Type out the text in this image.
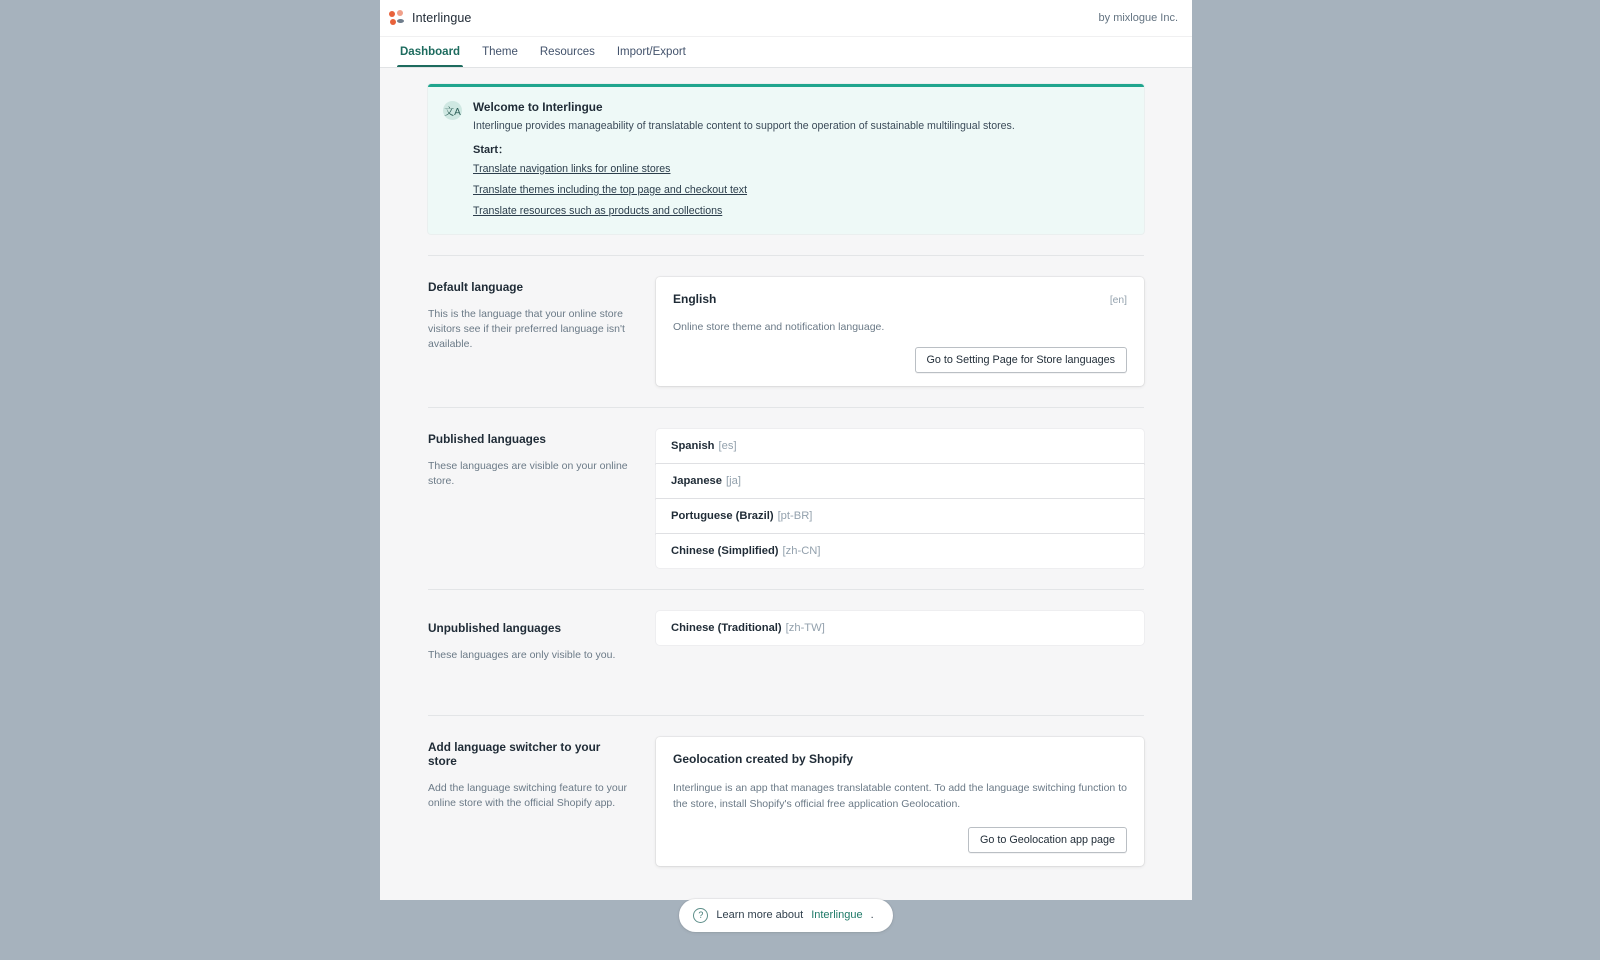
Interlingue	by mixlogue Inc.
Dashboard	Theme	Resources	Import/Export
文A Welcome to Interlingue
Interlingue provides manageability of translatable content to support the operation of sustainable multilingual stores.
Start：
Translate navigation links for online stores
Translate themes including the top page and checkout text
Translate resources such as products and collections
Default language
This is the language that your online store visitors see if their preferred language isn't available.
English	[en]
Online store theme and notification language.
Go to Setting Page for Store languages
Published languages
These languages are visible on your online store.
Spanish [es]
Japanese [ja]
Portuguese (Brazil) [pt-BR]
Chinese (Simplified) [zh-CN]
Unpublished languages
These languages are only visible to you.
Chinese (Traditional) [zh-TW]
Add language switcher to your store
Add the language switching feature to your online store with the official Shopify app.
Geolocation created by Shopify
Interlingue is an app that manages translatable content. To add the language switching function to the store, install Shopify's official free application Geolocation.
Go to Geolocation app page
?	Learn more about Interlingue .
